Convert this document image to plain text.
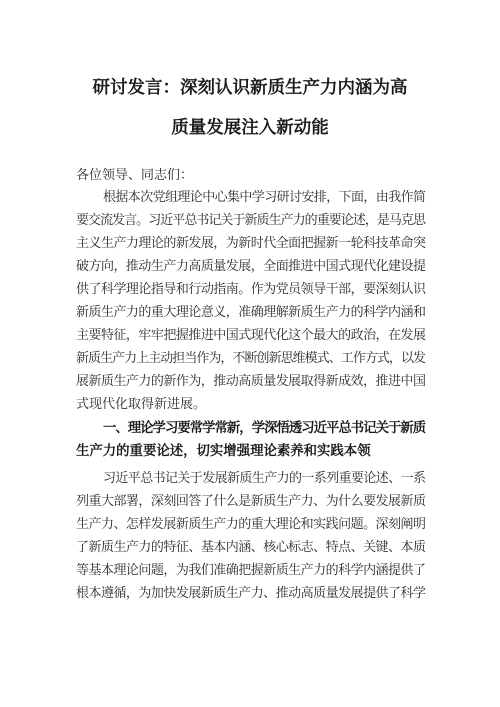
研讨发言：深刻认识新质生产力内涵为高
质量发展注入新动能
各位领导、同志们：
根据本次党组理论中心集中学习研讨安排，下面，由我作简
要交流发言。习近平总书记关于新质生产力的重要论述，是马克思
主义生产力理论的新发展，为新时代全面把握新一轮科技革命突
破方向，推动生产力高质量发展，全面推进中国式现代化建设提
供了科学理论指导和行动指南。作为党员领导干部，要深刻认识
新质生产力的重大理论意义，准确理解新质生产力的科学内涵和
主要特征，牢牢把握推进中国式现代化这个最大的政治，在发展
新质生产力上主动担当作为，不断创新思维模式、工作方式，以发
展新质生产力的新作为，推动高质量发展取得新成效，推进中国
式现代化取得新进展。
一、理论学习要常学常新，学深悟透习近平总书记关于新质
生产力的重要论述，切实增强理论素养和实践本领
习近平总书记关于发展新质生产力的一系列重要论述、一系
列重大部署，深刻回答了什么是新质生产力、为什么要发展新质
生产力、怎样发展新质生产力的重大理论和实践问题。深刻阐明
了新质生产力的特征、基本内涵、核心标志、特点、关键、本质
等基本理论问题，为我们准确把握新质生产力的科学内涵提供了
根本遵循，为加快发展新质生产力、推动高质量发展提供了科学
